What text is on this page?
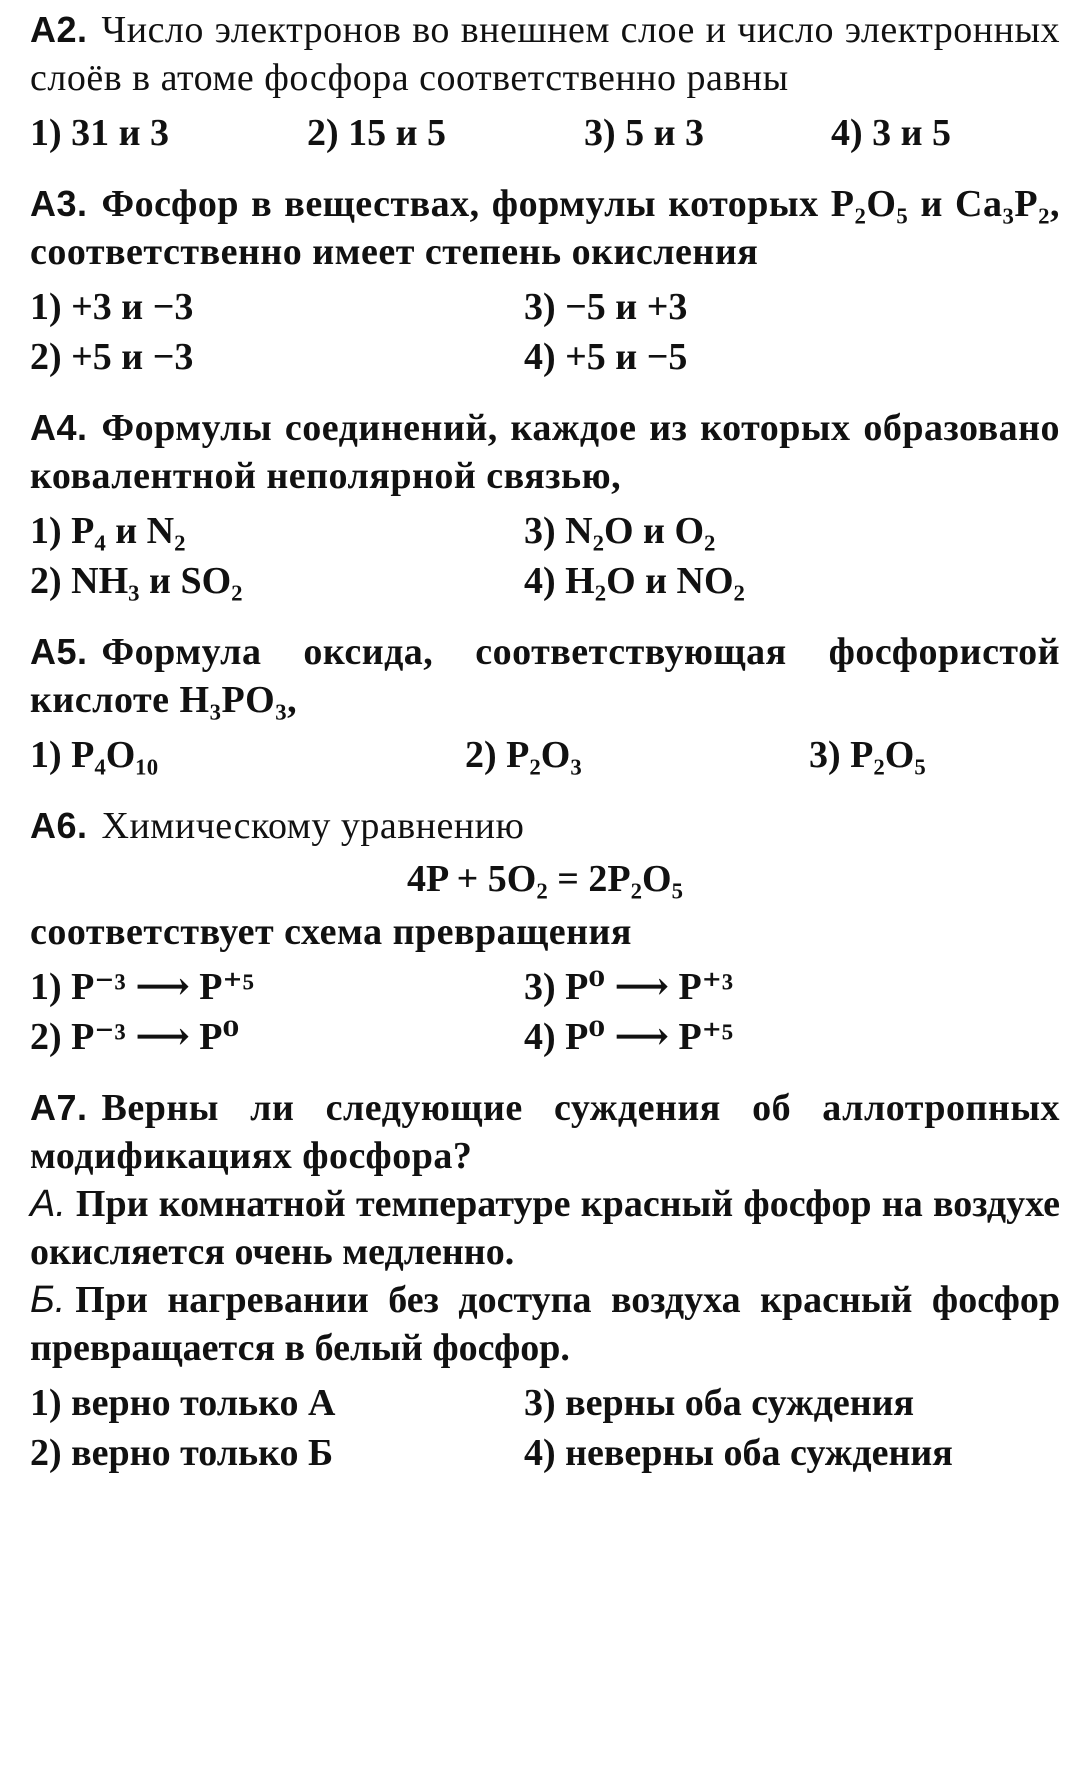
A2. Число электронов во внешнем слое и число электронных слоёв в атоме фосфора соответственно равны
1) 31 и 3	2) 15 и 5	3) 5 и 3	4) 3 и 5
A3. Фосфор в веществах, формулы которых P₂O₅ и Ca₃P₂, соответственно имеет степень окисления
1) +3 и −3	3) −5 и +3
2) +5 и −3	4) +5 и −5
A4. Формулы соединений, каждое из которых образовано ковалентной неполярной связью,
1) P₄ и N₂	3) N₂O и O₂
2) NH₃ и SO₂	4) H₂O и NO₂
A5. Формула оксида, соответствующая фосфористой кислоте H₃PO₃,
1) P₄O₁₀	2) P₂O₃	3) P₂O₅
A6. Химическому уравнению
4P + 5O₂ = 2P₂O₅
соответствует схема превращения
1) P⁻³ ⟶ P⁺⁵	3) P⁰ ⟶ P⁺³
2) P⁻³ ⟶ P⁰	4) P⁰ ⟶ P⁺⁵
A7. Верны ли следующие суждения об аллотропных модификациях фосфора?
А. При комнатной температуре красный фосфор на воздухе окисляется очень медленно.
Б. При нагревании без доступа воздуха красный фосфор превращается в белый фосфор.
1) верно только А	3) верны оба суждения
2) верно только Б	4) неверны оба суждения
